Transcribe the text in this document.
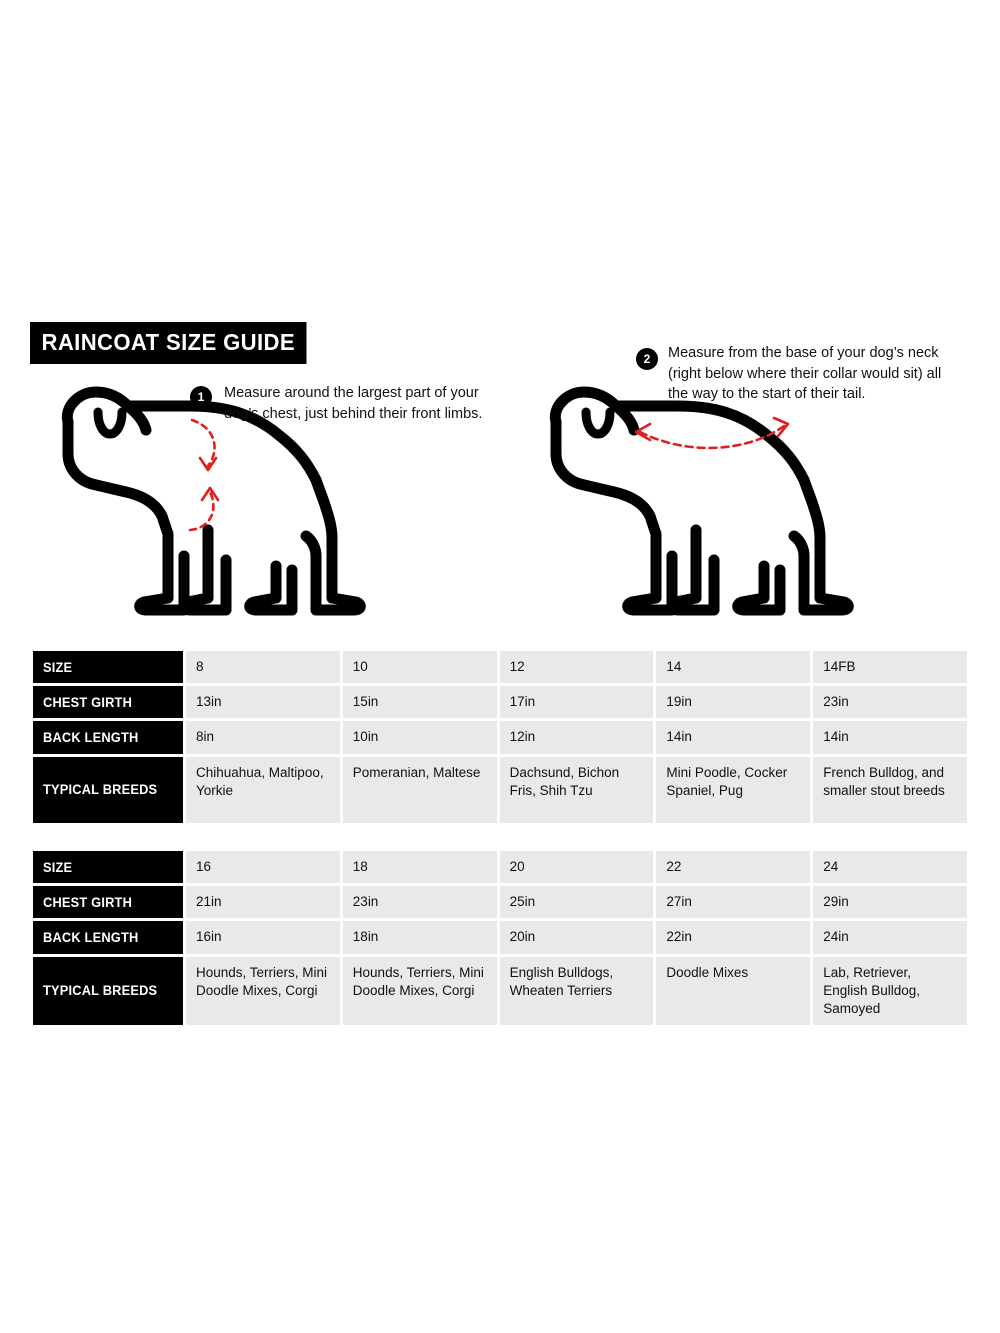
RAINCOAT SIZE GUIDE
1	Measure around the largest part of your dog’s chest, just behind their front limbs.
2	Measure from the base of your dog’s neck (right below where their collar would sit) all the way to the start of their tail.
SIZE	8	10	12	14	14FB
CHEST GIRTH	13in	15in	17in	19in	23in
BACK LENGTH	8in	10in	12in	14in	14in
TYPICAL BREEDS	Chihuahua, Maltipoo, Yorkie	Pomeranian, Maltese	Dachsund, Bichon Fris, Shih Tzu	Mini Poodle, Cocker Spaniel, Pug	French Bulldog, and smaller stout breeds
SIZE	16	18	20	22	24
CHEST GIRTH	21in	23in	25in	27in	29in
BACK LENGTH	16in	18in	20in	22in	24in
TYPICAL BREEDS	Hounds, Terriers, Mini Doodle Mixes, Corgi	Hounds, Terriers, Mini Doodle Mixes, Corgi	English Bulldogs, Wheaten Terriers	Doodle Mixes	Lab, Retriever, English Bulldog, Samoyed
